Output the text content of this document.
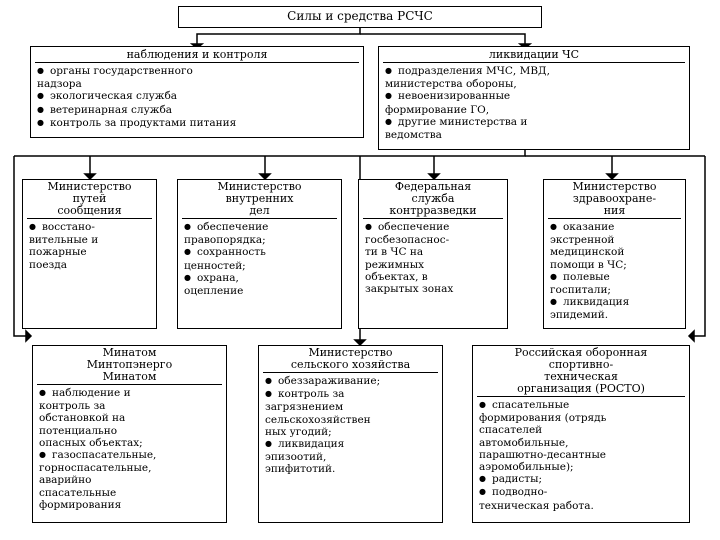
Силы и средства РСЧС
наблюдения и контроля
● органы государственного
надзора
● экологическая служба
● ветеринарная служба
● контроль за продуктами питания
ликвидации ЧС
● подразделения МЧС, МВД,
министерства обороны,
● невоенизированные
формирование ГО,
● другие министерства и
ведомства
Министерство
путей
сообщения
● восстано-
вительные и
пожарные
поезда
Министерство
внутренних
дел
● обеспечение
правопорядка;
● сохранность
ценностей;
● охрана,
оцепление
Федеральная
служба
контрразведки
● обеспечение
госбезопаснос-
ти в ЧС на
режимных
объектах, в
закрытых зонах
Министерство
здравоохране-
ния
● оказание
экстренной
медицинской
помощи в ЧС;
● полевые
госпитали;
● ликвидация
эпидемий.
Минатом
Минтопэнерго
Минатом
● наблюдение и
контроль за
обстановкой на
потенциально
опасных объектах;
● газоспасательные,
горноспасательные,
аварийно
спасательные
формирования
Министерство
сельского хозяйства
● обеззараживание;
● контроль за
загрязнением
сельскохозяйствен
ных угодий;
● ликвидация
эпизоотий,
эпифитотий.
Российская оборонная
спортивно-
техническая
организация (РОСТО)
● спасательные
формирования (отрядь
спасателей
автомобильные,
парашютно-десантные
аэромобильные);
● радисты;
● подводно-
техническая работа.
